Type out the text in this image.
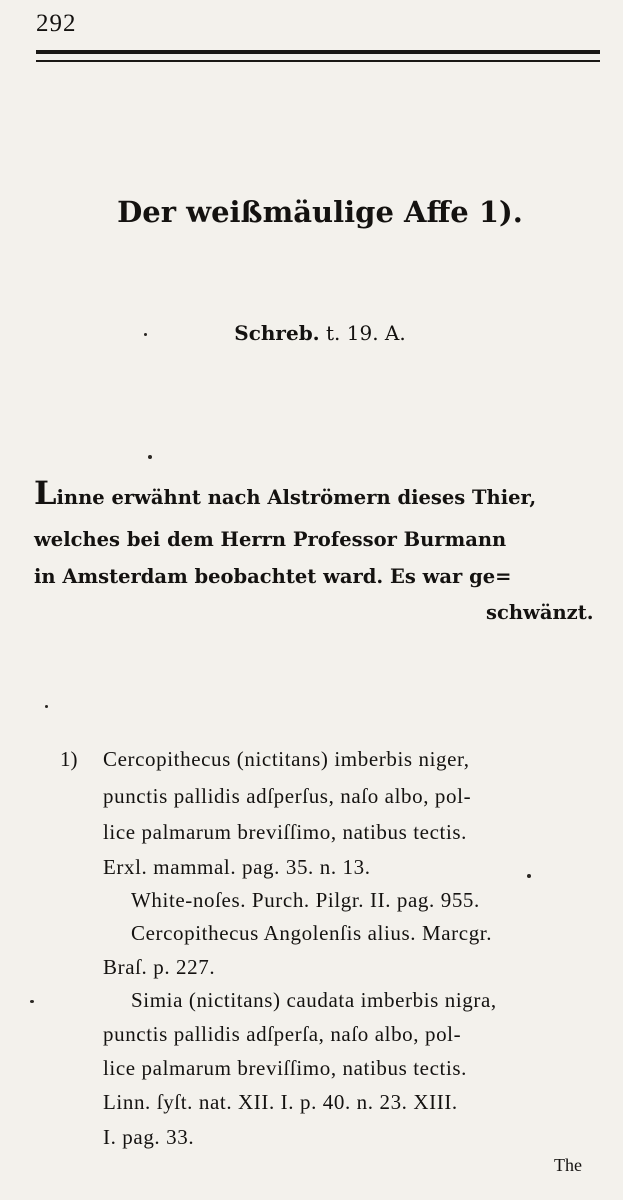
292
Der weißmäulige Affe 1).
Schreb. t. 19. A.
Linne erwähnt nach Alströmern dieses Thier,
welches bei dem Herrn Professor Burmann
in Amsterdam beobachtet ward. Es war ge=
schwänzt.
1) Cercopithecus (nictitans) imberbis niger,
punctis pallidis adſperſus, naſo albo, pol-
lice palmarum breviſſimo, natibus tectis.
Erxl. mammal. pag. 35. n. 13.
White-noſes. Purch. Pilgr. II. pag. 955.
Cercopithecus Angolenſis alius. Marcgr.
Braſ. p. 227.
Simia (nictitans) caudata imberbis nigra,
punctis pallidis adſperſa, naſo albo, pol-
lice palmarum breviſſimo, natibus tectis.
Linn. ſyſt. nat. XII. I. p. 40. n. 23. XIII.
I. pag. 33.
The
